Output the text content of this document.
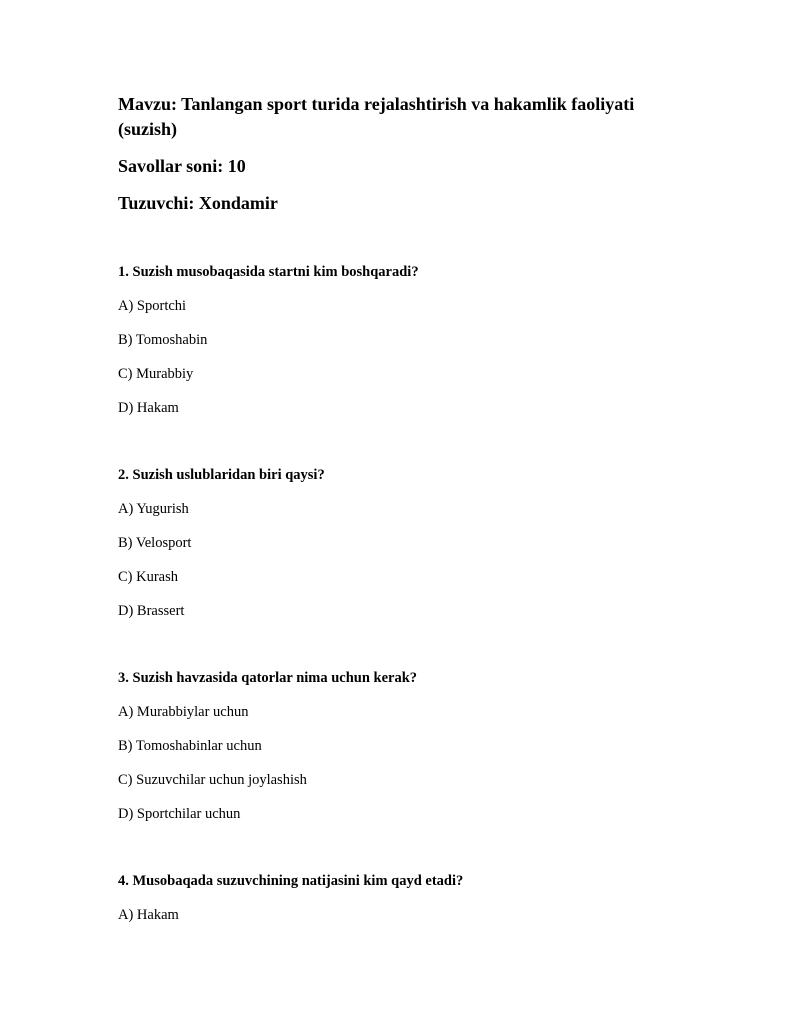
Mavzu: Tanlangan sport turida rejalashtirish va hakamlik faoliyati (suzish)

Savollar soni: 10

Tuzuvchi: Xondamir

1. Suzish musobaqasida startni kim boshqaradi?

A) Sportchi

B) Tomoshabin

C) Murabbiy

D) Hakam

2. Suzish uslublaridan biri qaysi?

A) Yugurish

B) Velosport

C) Kurash

D) Brassert

3. Suzish havzasida qatorlar nima uchun kerak?

A) Murabbiylar uchun

B) Tomoshabinlar uchun

C) Suzuvchilar uchun joylashish

D) Sportchilar uchun

4. Musobaqada suzuvchining natijasini kim qayd etadi?

A) Hakam
